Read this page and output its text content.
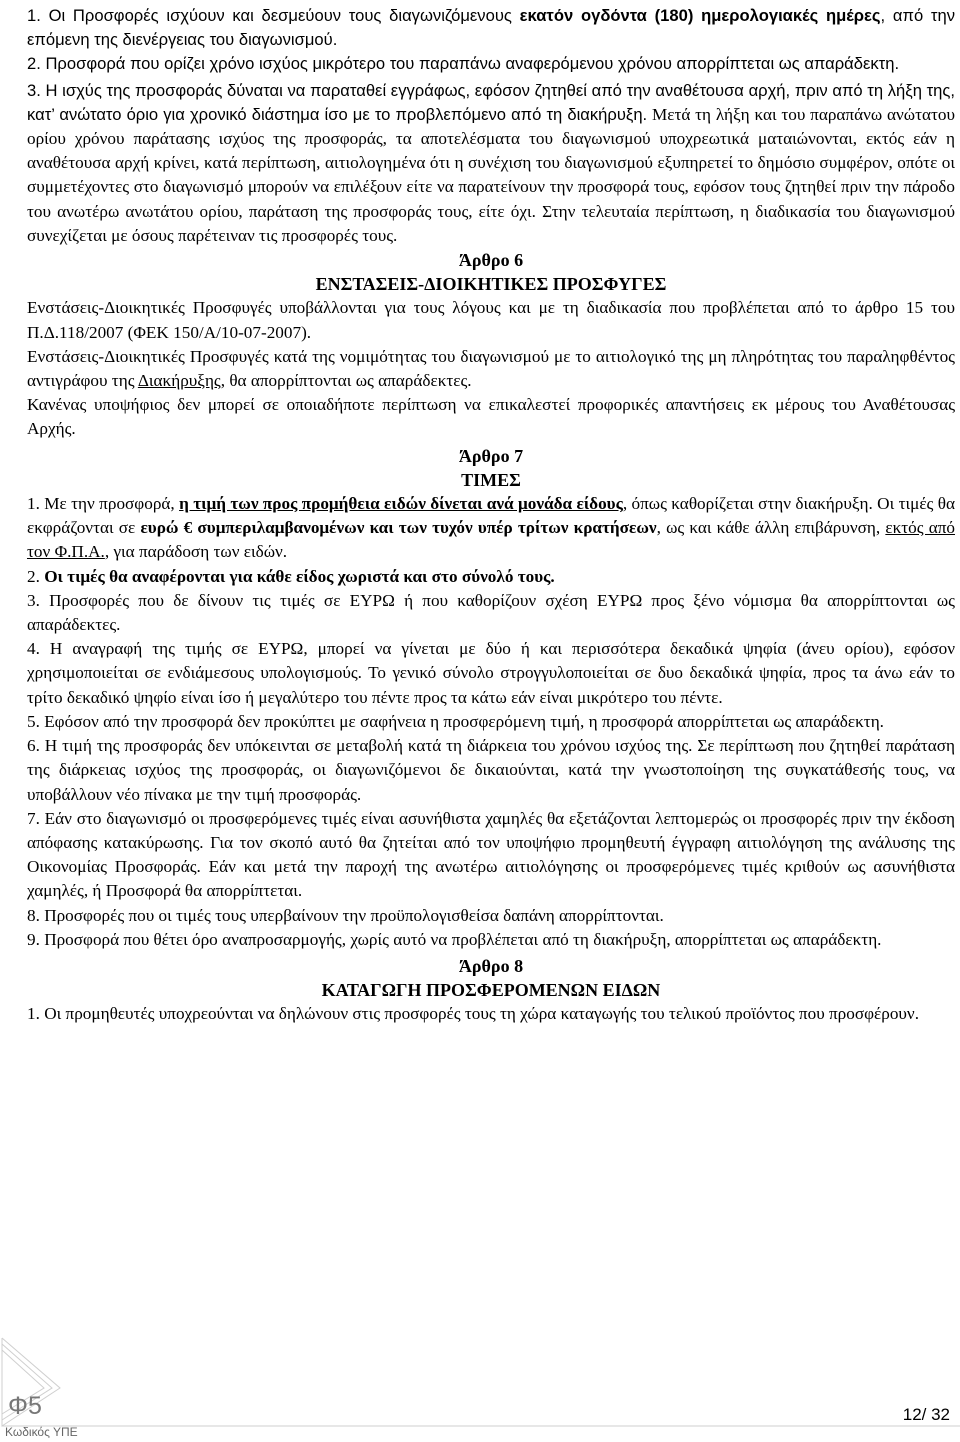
1. Οι Προσφορές ισχύουν και δεσμεύουν τους διαγωνιζόμενους εκατόν ογδόντα (180) ημερολογιακές ημέρες, από την επόμενη της διενέργειας του διαγωνισμού.

2. Προσφορά που ορίζει χρόνο ισχύος μικρότερο του παραπάνω αναφερόμενου χρόνου απορρίπτεται ως απαράδεκτη.

3. Η ισχύς της προσφοράς δύναται να παραταθεί εγγράφως, εφόσον ζητηθεί από την αναθέτουσα αρχή, πριν από τη λήξη της, κατ’ ανώτατο όριο για χρονικό διάστημα ίσο με το προβλεπόμενο από τη διακήρυξη. Μετά τη λήξη και του παραπάνω ανώτατου ορίου χρόνου παράτασης ισχύος της προσφοράς, τα αποτελέσματα του διαγωνισμού υποχρεωτικά ματαιώνονται, εκτός εάν η αναθέτουσα αρχή κρίνει, κατά περίπτωση, αιτιολογημένα ότι η συνέχιση του διαγωνισμού εξυπηρετεί το δημόσιο συμφέρον, οπότε οι συμμετέχοντες στο διαγωνισμό μπορούν να επιλέξουν είτε να παρατείνουν την προσφορά τους, εφόσον τους ζητηθεί πριν την πάροδο του ανωτέρω ανωτάτου ορίου, παράταση της προσφοράς τους, είτε όχι. Στην τελευταία περίπτωση, η διαδικασία του διαγωνισμού συνεχίζεται με όσους παρέτειναν τις προσφορές τους.

Άρθρο 6

ΕΝΣΤΑΣΕΙΣ-ΔΙΟΙΚΗΤΙΚΕΣ ΠΡΟΣΦΥΓΕΣ

Ενστάσεις-Διοικητικές Προσφυγές υποβάλλονται για τους λόγους και με τη διαδικασία που προβλέπεται από το άρθρο 15 του Π.Δ.118/2007 (ΦΕΚ 150/Α/10-07-2007).

Ενστάσεις-Διοικητικές Προσφυγές κατά της νομιμότητας του διαγωνισμού με το αιτιολογικό της μη πληρότητας του παραληφθέντος αντιγράφου της Διακήρυξης, θα απορρίπτονται ως απαράδεκτες.

Κανένας υποψήφιος δεν μπορεί σε οποιαδήποτε περίπτωση να επικαλεστεί προφορικές απαντήσεις εκ μέρους του Αναθέτουσας Αρχής.

Άρθρο 7

ΤΙΜΕΣ

1. Με την προσφορά, η τιμή των προς προμήθεια ειδών δίνεται ανά μονάδα είδους, όπως καθορίζεται στην διακήρυξη. Οι τιμές θα εκφράζονται σε ευρώ € συμπεριλαμβανομένων και των τυχόν υπέρ τρίτων κρατήσεων, ως και κάθε άλλη επιβάρυνση, εκτός από τον Φ.Π.Α., για παράδοση των ειδών.

2. Οι τιμές θα αναφέρονται για κάθε είδος χωριστά και στο σύνολό τους.

3. Προσφορές που δε δίνουν τις τιμές σε ΕΥΡΩ ή που καθορίζουν σχέση ΕΥΡΩ προς ξένο νόμισμα θα απορρίπτονται ως απαράδεκτες.

4. Η αναγραφή της τιμής σε ΕΥΡΩ, μπορεί να γίνεται με δύο ή και περισσότερα δεκαδικά ψηφία (άνευ ορίου), εφόσον χρησιμοποιείται σε ενδιάμεσους υπολογισμούς. Το γενικό σύνολο στρογγυλοποιείται σε δυο δεκαδικά ψηφία, προς τα άνω εάν το τρίτο δεκαδικό ψηφίο είναι ίσο ή μεγαλύτερο του πέντε προς τα κάτω εάν είναι μικρότερο του πέντε.

5. Εφόσον από την προσφορά δεν προκύπτει με σαφήνεια η προσφερόμενη τιμή, η προσφορά απορρίπτεται ως απαράδεκτη.

6. Η τιμή της προσφοράς δεν υπόκεινται σε μεταβολή κατά τη διάρκεια του χρόνου ισχύος της. Σε περίπτωση που ζητηθεί παράταση της διάρκειας ισχύος της προσφοράς, οι διαγωνιζόμενοι δε δικαιούνται, κατά την γνωστοποίηση της συγκατάθεσής τους, να υποβάλλουν νέο πίνακα με την τιμή προσφοράς.

7. Εάν στο διαγωνισμό οι προσφερόμενες τιμές είναι ασυνήθιστα χαμηλές θα εξετάζονται λεπτομερώς οι προσφορές πριν την έκδοση απόφασης κατακύρωσης. Για τον σκοπό αυτό θα ζητείται από τον υποψήφιο προμηθευτή έγγραφη αιτιολόγηση της ανάλυσης της Οικονομίας Προσφοράς. Εάν και μετά την παροχή της ανωτέρω αιτιολόγησης οι προσφερόμενες τιμές κριθούν ως ασυνήθιστα χαμηλές, ή Προσφορά θα απορρίπτεται.

8. Προσφορές που οι τιμές τους υπερβαίνουν την προϋπολογισθείσα δαπάνη απορρίπτονται.

9. Προσφορά που θέτει όρο αναπροσαρμογής, χωρίς αυτό να προβλέπεται από τη διακήρυξη, απορρίπτεται ως απαράδεκτη.

Άρθρο 8

ΚΑΤΑΓΩΓΗ ΠΡΟΣΦΕΡΟΜΕΝΩΝ ΕΙΔΩΝ

1. Οι προμηθευτές υποχρεούνται να δηλώνουν στις προσφορές τους τη χώρα καταγωγής του τελικού προϊόντος που προσφέρουν.

Φ5
Κωδικός ΥΠΕ
12/ 32
